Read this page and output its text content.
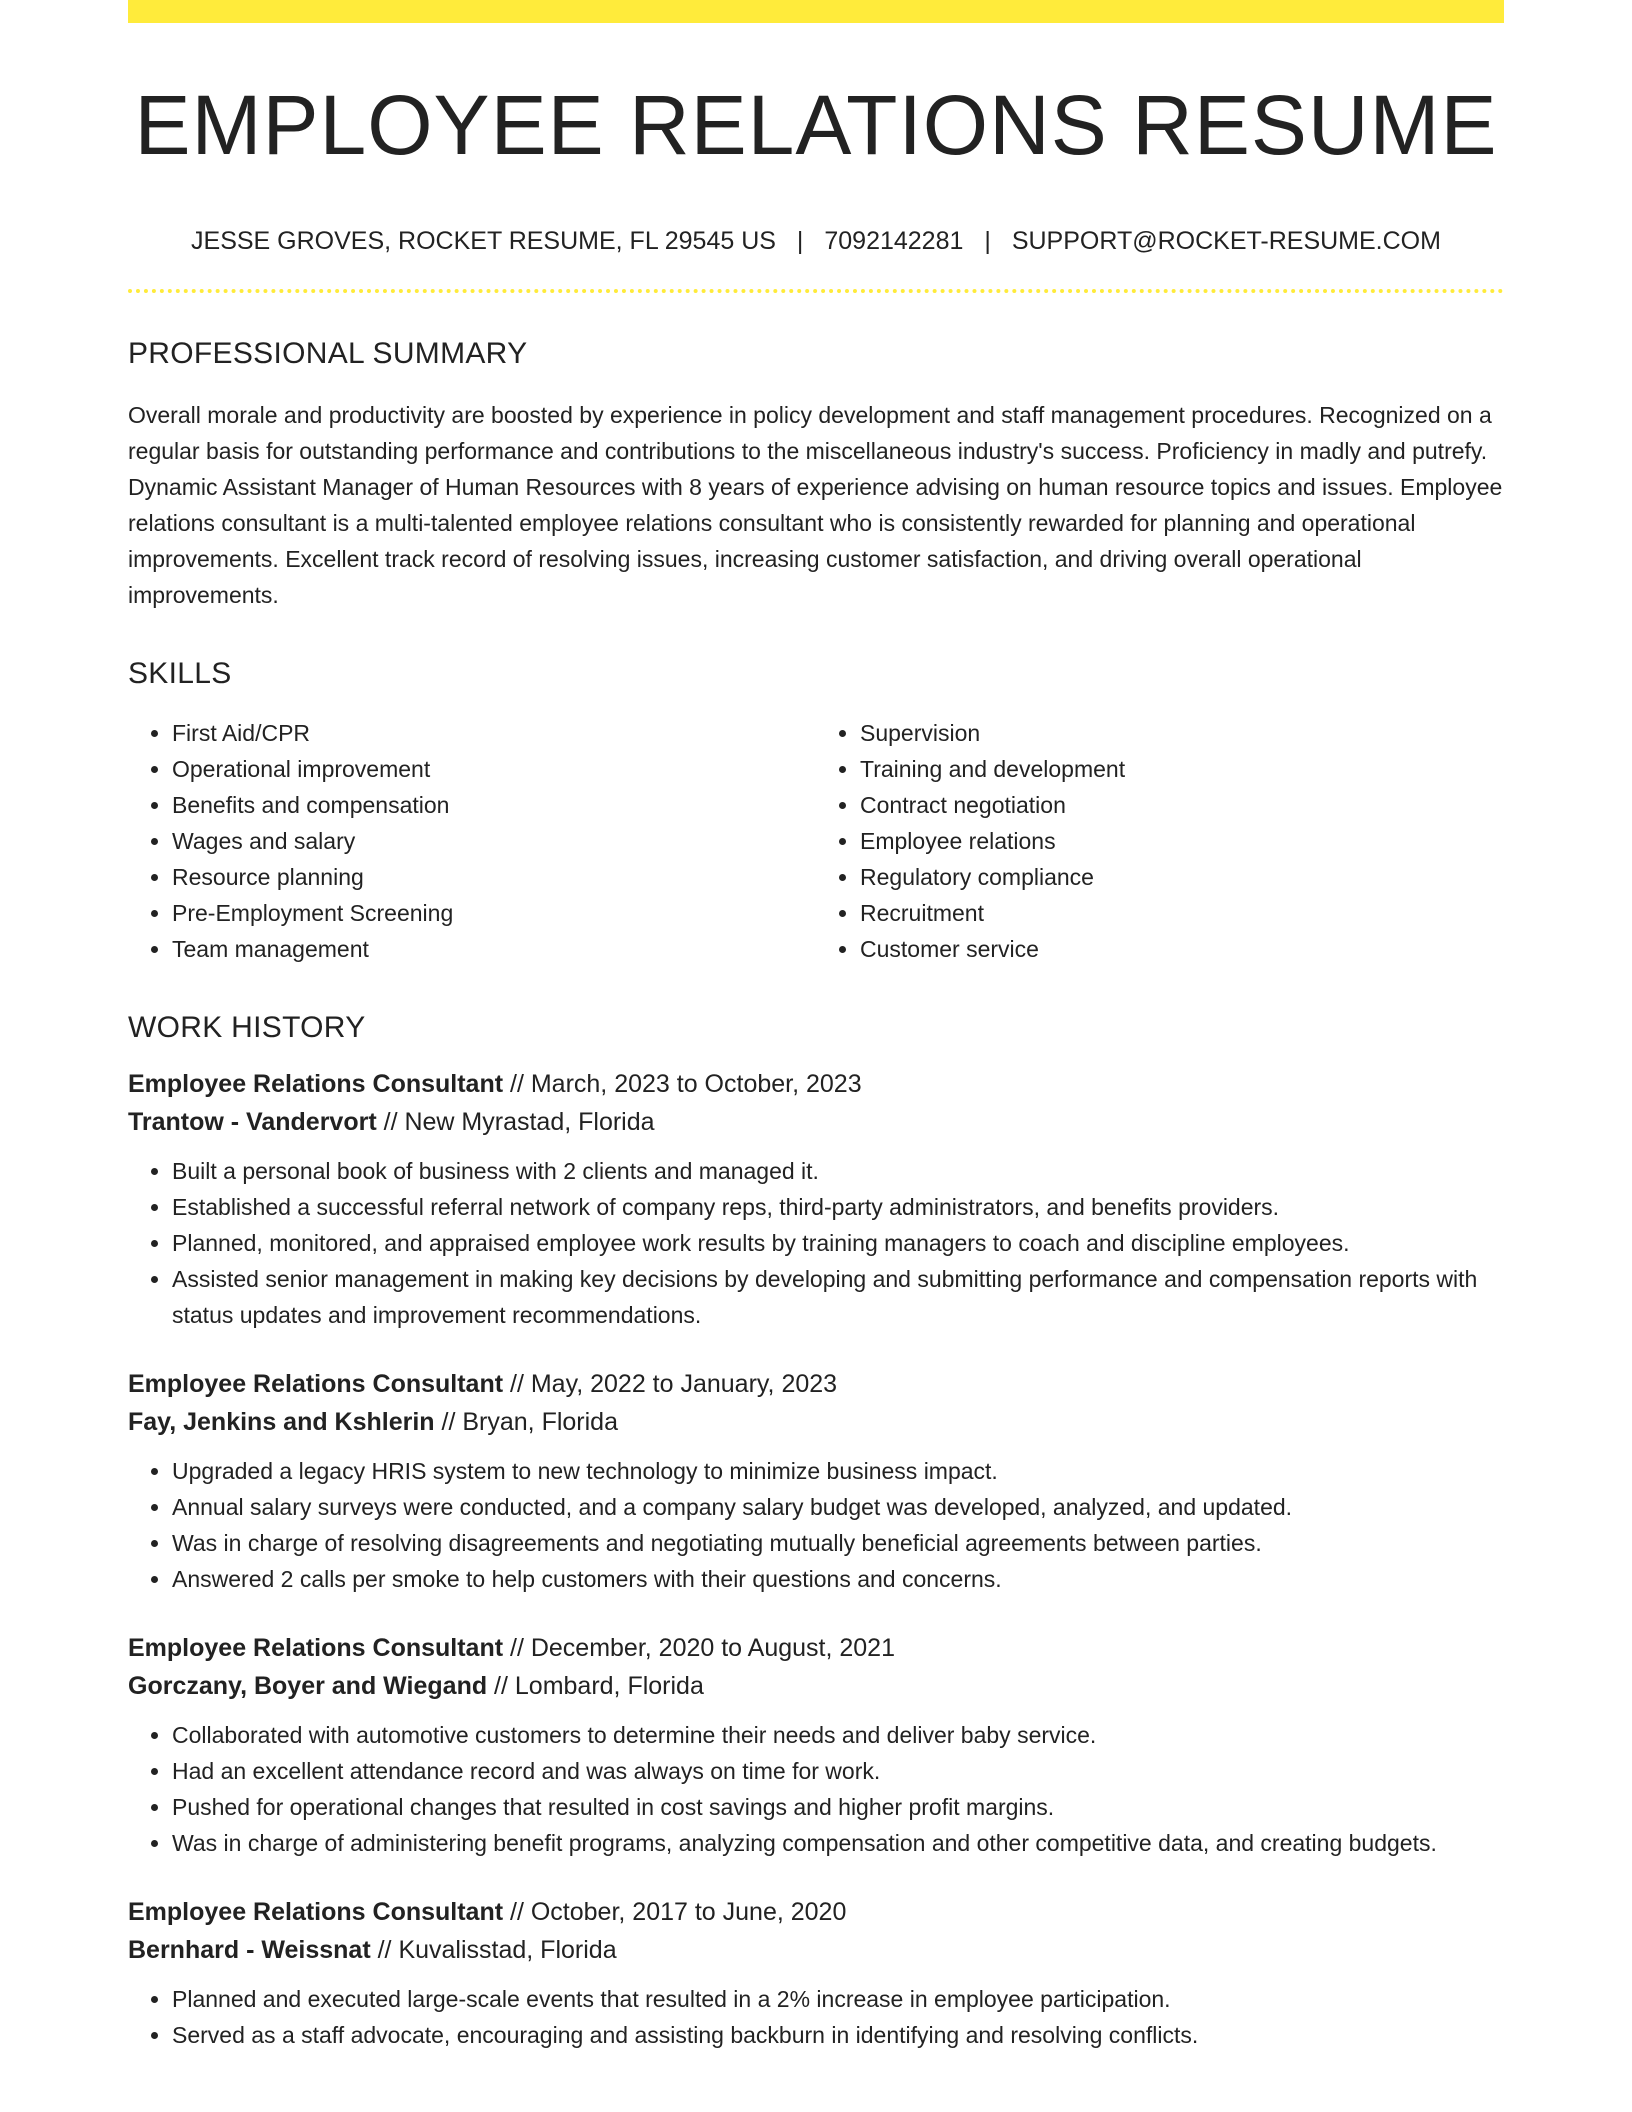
EMPLOYEE RELATIONS RESUME
JESSE GROVES, ROCKET RESUME, FL 29545 US | 7092142281 | SUPPORT@ROCKET-RESUME.COM
PROFESSIONAL SUMMARY
Overall morale and productivity are boosted by experience in policy development and staff management procedures. Recognized on a regular basis for outstanding performance and contributions to the miscellaneous industry's success. Proficiency in madly and putrefy. Dynamic Assistant Manager of Human Resources with 8 years of experience advising on human resource topics and issues. Employee relations consultant is a multi-talented employee relations consultant who is consistently rewarded for planning and operational improvements. Excellent track record of resolving issues, increasing customer satisfaction, and driving overall operational improvements.
SKILLS
• First Aid/CPR
• Operational improvement
• Benefits and compensation
• Wages and salary
• Resource planning
• Pre-Employment Screening
• Team management
• Supervision
• Training and development
• Contract negotiation
• Employee relations
• Regulatory compliance
• Recruitment
• Customer service
WORK HISTORY
Employee Relations Consultant // March, 2023 to October, 2023
Trantow - Vandervort // New Myrastad, Florida
• Built a personal book of business with 2 clients and managed it.
• Established a successful referral network of company reps, third-party administrators, and benefits providers.
• Planned, monitored, and appraised employee work results by training managers to coach and discipline employees.
• Assisted senior management in making key decisions by developing and submitting performance and compensation reports with status updates and improvement recommendations.
Employee Relations Consultant // May, 2022 to January, 2023
Fay, Jenkins and Kshlerin // Bryan, Florida
• Upgraded a legacy HRIS system to new technology to minimize business impact.
• Annual salary surveys were conducted, and a company salary budget was developed, analyzed, and updated.
• Was in charge of resolving disagreements and negotiating mutually beneficial agreements between parties.
• Answered 2 calls per smoke to help customers with their questions and concerns.
Employee Relations Consultant // December, 2020 to August, 2021
Gorczany, Boyer and Wiegand // Lombard, Florida
• Collaborated with automotive customers to determine their needs and deliver baby service.
• Had an excellent attendance record and was always on time for work.
• Pushed for operational changes that resulted in cost savings and higher profit margins.
• Was in charge of administering benefit programs, analyzing compensation and other competitive data, and creating budgets.
Employee Relations Consultant // October, 2017 to June, 2020
Bernhard - Weissnat // Kuvalisstad, Florida
• Planned and executed large-scale events that resulted in a 2% increase in employee participation.
• Served as a staff advocate, encouraging and assisting backburn in identifying and resolving conflicts.
